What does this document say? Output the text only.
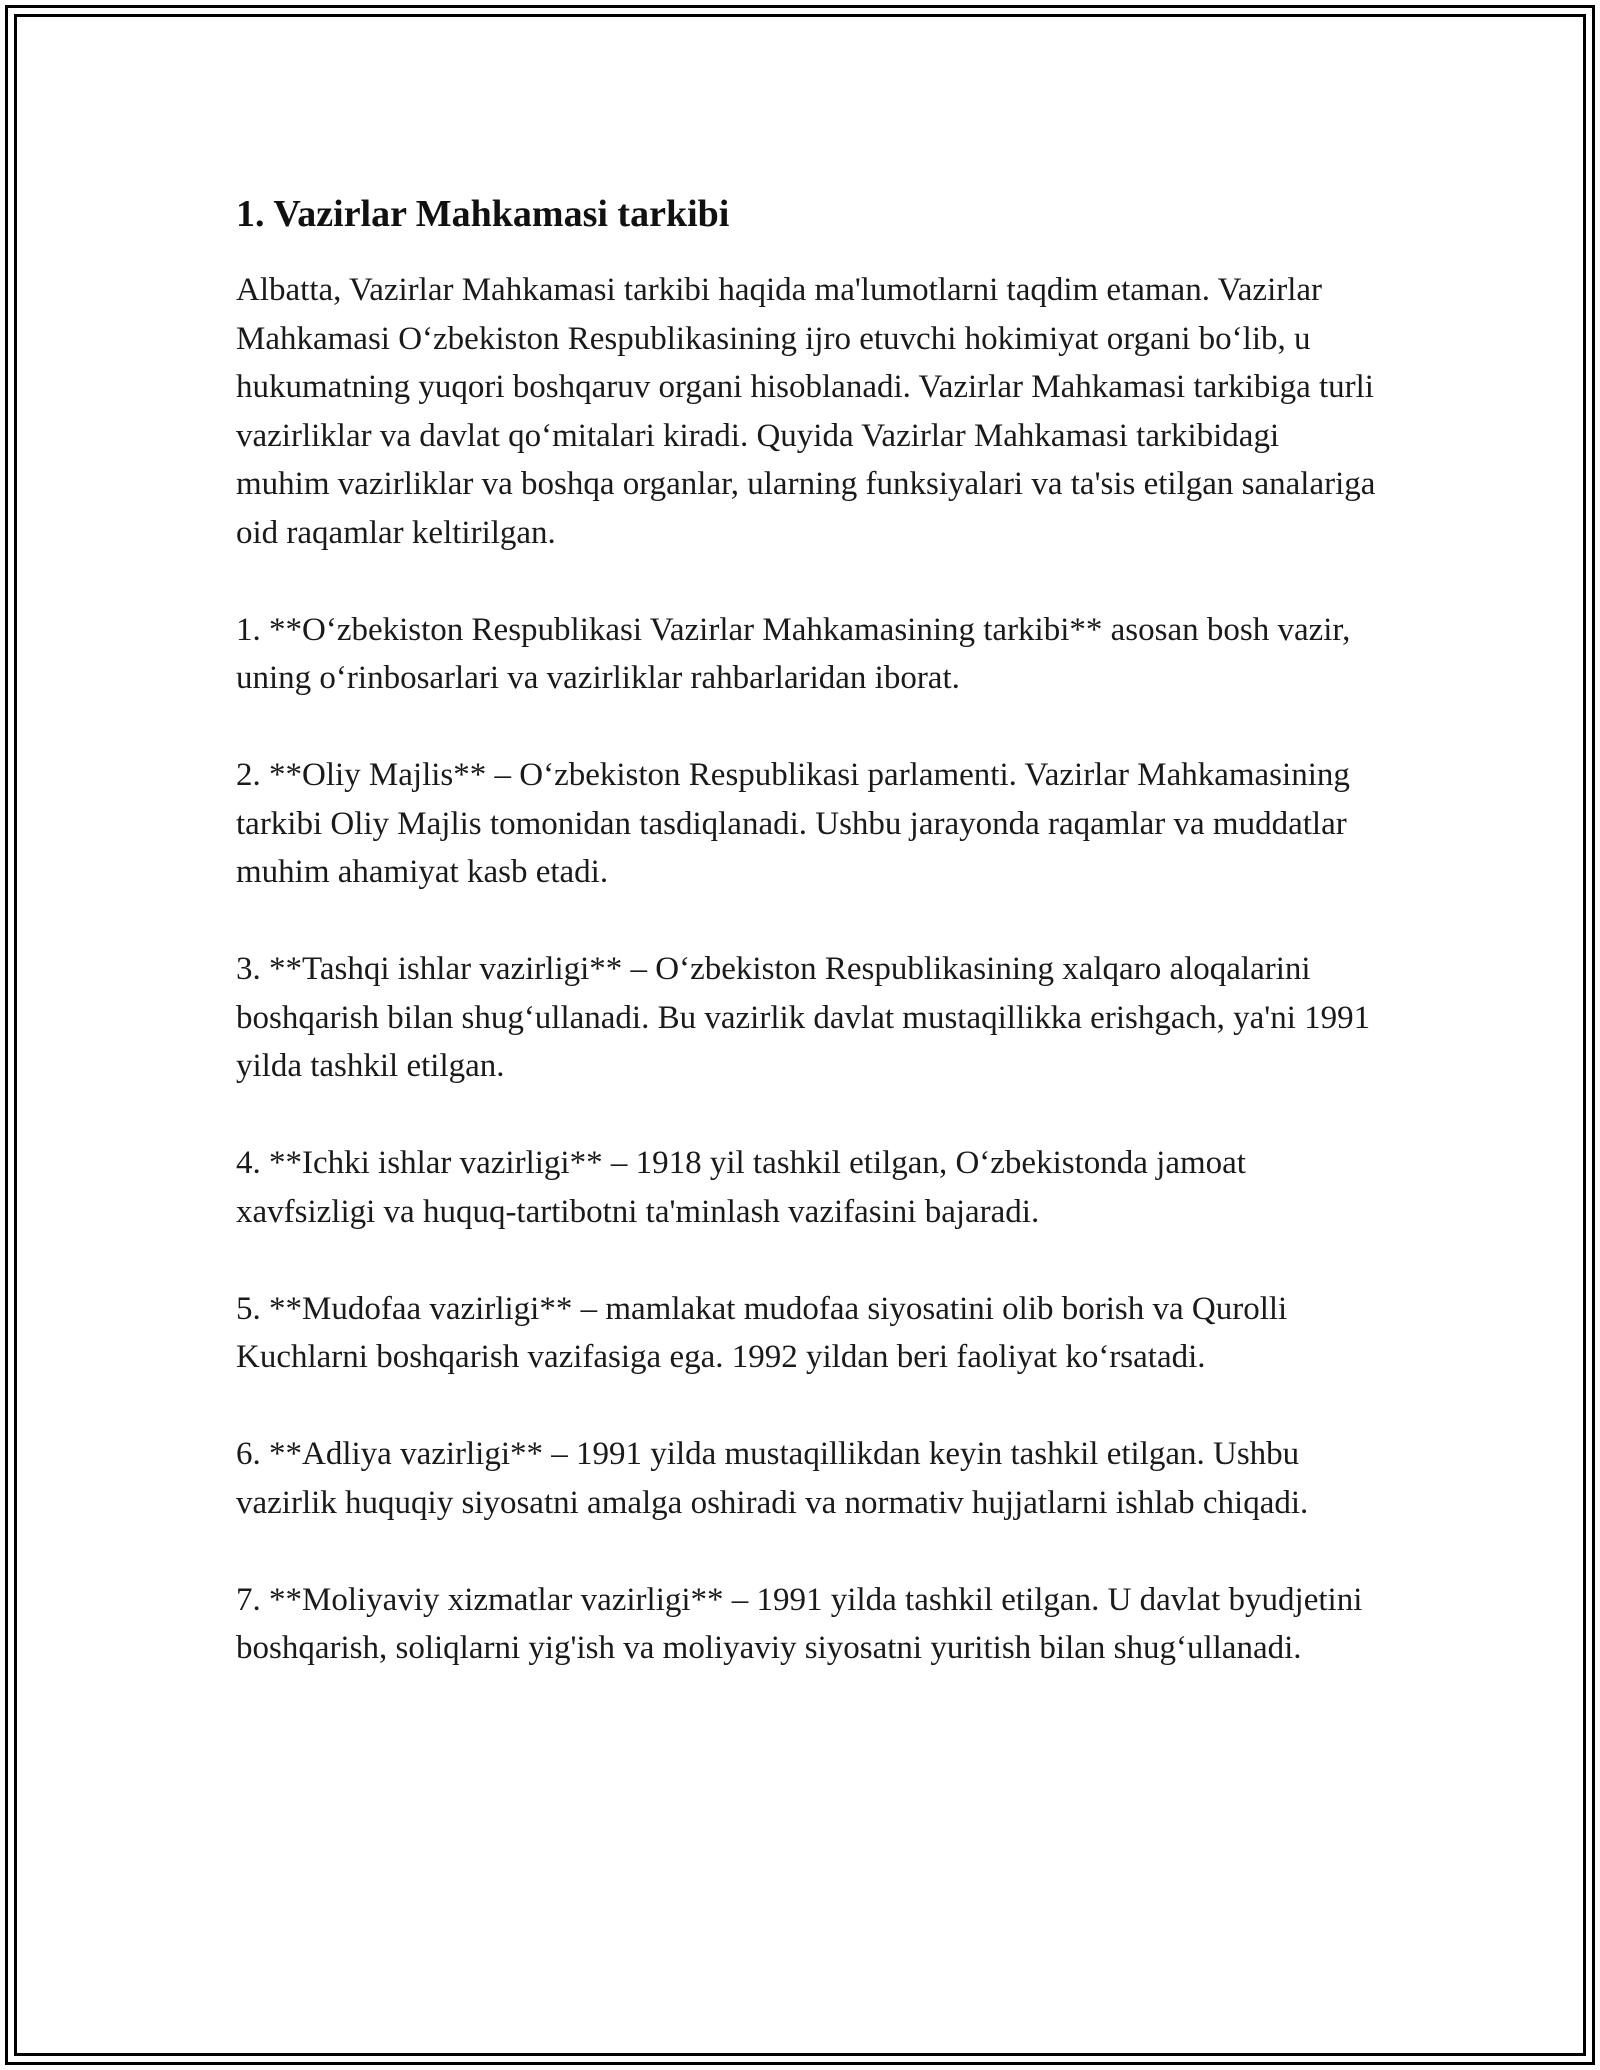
1. Vazirlar Mahkamasi tarkibi

Albatta, Vazirlar Mahkamasi tarkibi haqida ma'lumotlarni taqdim etaman. Vazirlar Mahkamasi O‘zbekiston Respublikasining ijro etuvchi hokimiyat organi bo‘lib, u hukumatning yuqori boshqaruv organi hisoblanadi. Vazirlar Mahkamasi tarkibiga turli vazirliklar va davlat qo‘mitalari kiradi. Quyida Vazirlar Mahkamasi tarkibidagi muhim vazirliklar va boshqa organlar, ularning funksiyalari va ta'sis etilgan sanalariga oid raqamlar keltirilgan.

1. **O‘zbekiston Respublikasi Vazirlar Mahkamasining tarkibi** asosan bosh vazir, uning o‘rinbosarlari va vazirliklar rahbarlaridan iborat.

2. **Oliy Majlis** – O‘zbekiston Respublikasi parlamenti. Vazirlar Mahkamasining tarkibi Oliy Majlis tomonidan tasdiqlanadi. Ushbu jarayonda raqamlar va muddatlar muhim ahamiyat kasb etadi.

3. **Tashqi ishlar vazirligi** – O‘zbekiston Respublikasining xalqaro aloqalarini boshqarish bilan shug‘ullanadi. Bu vazirlik davlat mustaqillikka erishgach, ya'ni 1991 yilda tashkil etilgan.

4. **Ichki ishlar vazirligi** – 1918 yil tashkil etilgan, O‘zbekistonda jamoat xavfsizligi va huquq-tartibotni ta'minlash vazifasini bajaradi.

5. **Mudofaa vazirligi** – mamlakat mudofaa siyosatini olib borish va Qurolli Kuchlarni boshqarish vazifasiga ega. 1992 yildan beri faoliyat ko‘rsatadi.

6. **Adliya vazirligi** – 1991 yilda mustaqillikdan keyin tashkil etilgan. Ushbu vazirlik huquqiy siyosatni amalga oshiradi va normativ hujjatlarni ishlab chiqadi.

7. **Moliyaviy xizmatlar vazirligi** – 1991 yilda tashkil etilgan. U davlat byudjetini boshqarish, soliqlarni yig'ish va moliyaviy siyosatni yuritish bilan shug‘ullanadi.
